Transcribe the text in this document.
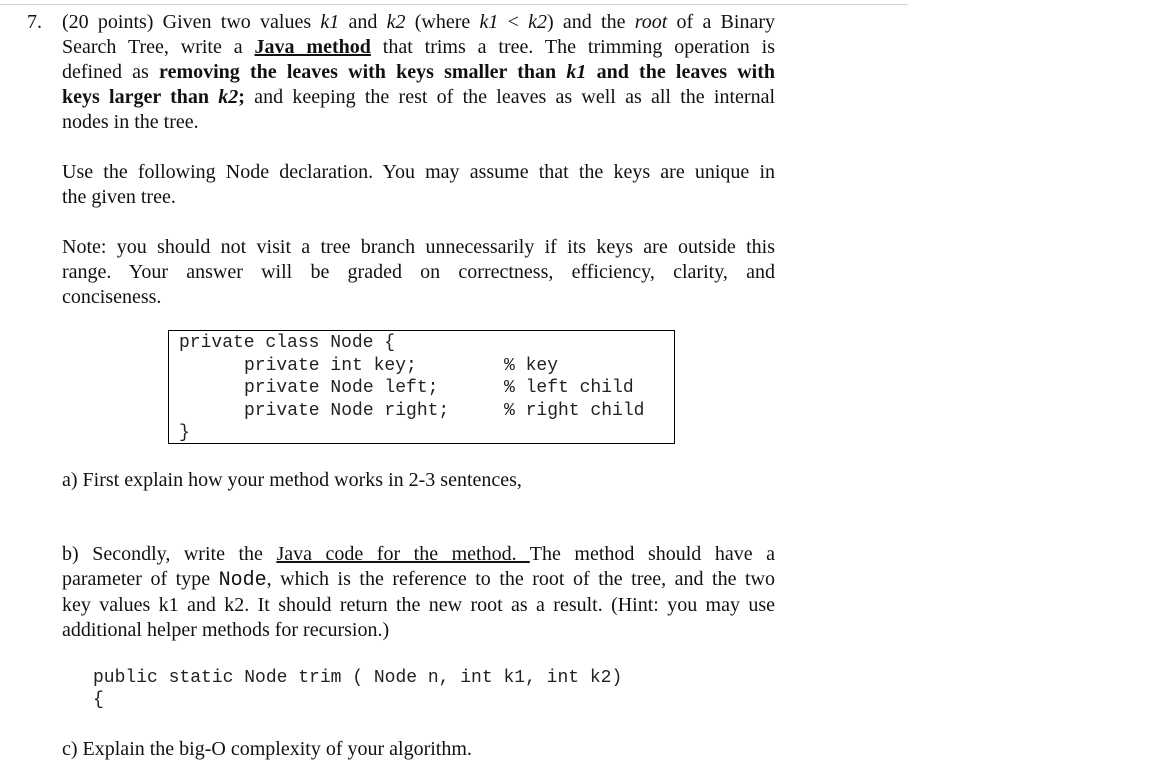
7. (20 points) Given two values k1 and k2 (where k1 < k2) and the root of a Binary
Search Tree, write a Java method that trims a tree. The trimming operation is
defined as removing the leaves with keys smaller than k1 and the leaves with
keys larger than k2; and keeping the rest of the leaves as well as all the internal
nodes in the tree.
Use the following Node declaration. You may assume that the keys are unique in
the given tree.
Note: you should not visit a tree branch unnecessarily if its keys are outside this
range. Your answer will be graded on correctness, efficiency, clarity, and
conciseness.
private class Node {
private int key;	% key
private Node left;	% left child
private Node right;	% right child
}
a) First explain how your method works in 2-3 sentences,
b) Secondly, write the Java code for the method. The method should have a
parameter of type Node, which is the reference to the root of the tree, and the two
key values k1 and k2. It should return the new root as a result. (Hint: you may use
additional helper methods for recursion.)
public static Node trim ( Node n, int k1, int k2)
{
c) Explain the big-O complexity of your algorithm.
